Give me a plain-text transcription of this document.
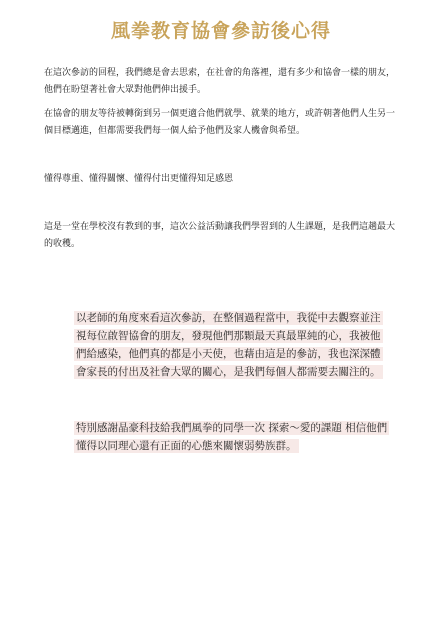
風拳教育協會參訪後心得
在這次參訪的回程，我們總是會去思索，在社會的角落裡，還有多少和協會一樣的朋友，他們在盼望著社會大眾對他們伸出援手。
在協會的朋友等待被轉銜到另一個更適合他們就學、就業的地方，或許朝著他們人生另一個目標邁進，但都需要我們每一個人給予他們及家人機會與希望。
懂得尊重、懂得關懷、懂得付出更懂得知足感恩
這是一堂在學校沒有教到的事，這次公益活動讓我們學習到的人生課題，是我們這趟最大的收穫。
以老師的角度來看這次參訪，在整個過程當中，我從中去觀察並注視每位啟智協會的朋友，發現他們那顆最天真最單純的心，我被他們給感染，他們真的都是小天使，也藉由這是的參訪，我也深深體會家長的付出及社會大眾的關心，是我們每個人都需要去關注的。
特別感謝晶豪科技給我們風拳的同學一次 探索～愛的課題 相信他們懂得以同理心還有正面的心態來關懷弱勢族群。
